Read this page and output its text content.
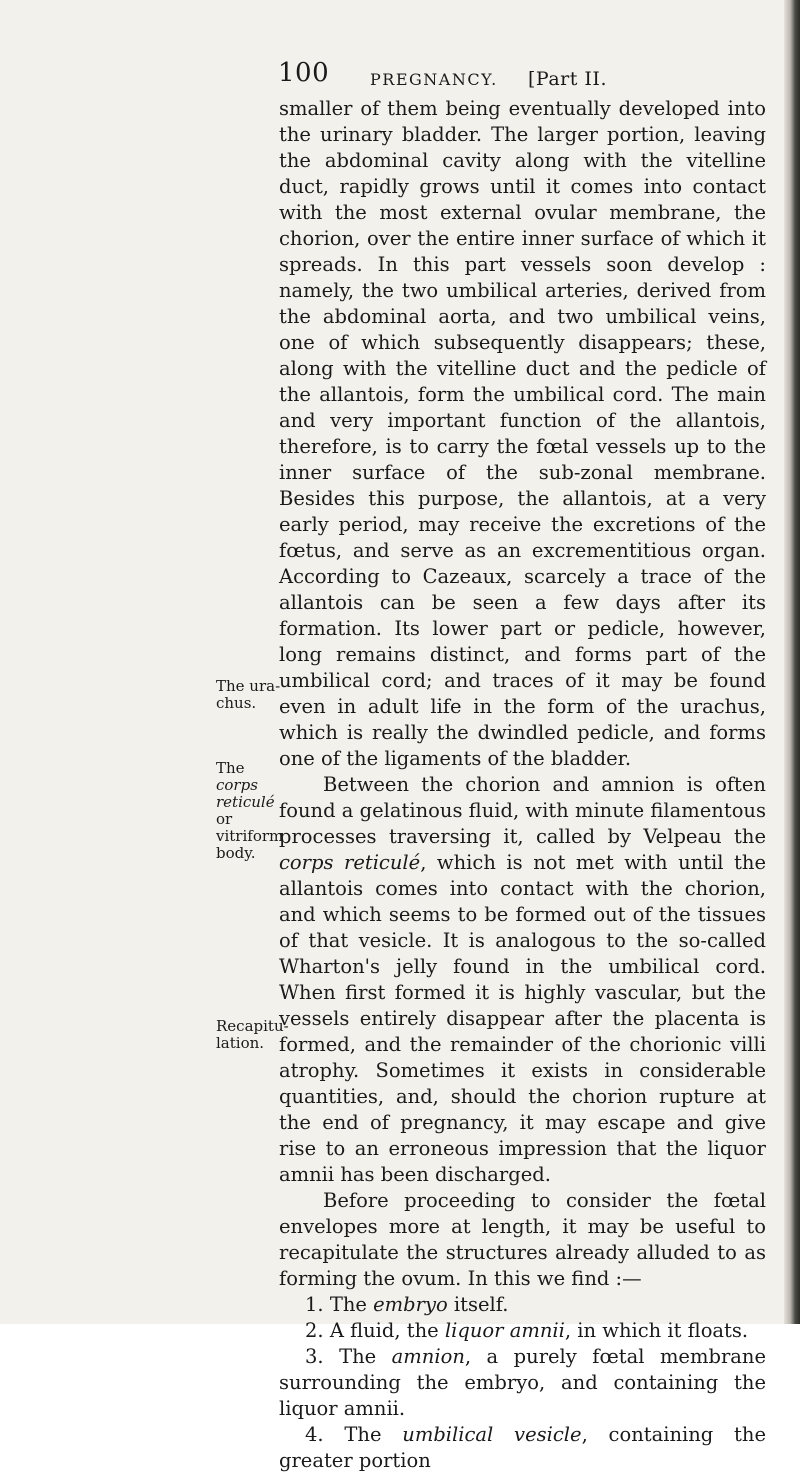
100	PREGNANCY. [Part II.
The ura-chus.
The corps reticulé or vitriform body.
Recapitu-lation.

smaller of them being eventually developed into the urinary bladder. The larger portion, leaving the abdominal cavity along with the vitelline duct, rapidly grows until it comes into contact with the most external ovular membrane, the chorion, over the entire inner surface of which it spreads. In this part vessels soon develop : namely, the two umbilical arteries, derived from the abdominal aorta, and two umbilical veins, one of which subsequently disappears; these, along with the vitelline duct and the pedicle of the allantois, form the umbilical cord. The main and very important function of the allantois, therefore, is to carry the fœtal vessels up to the inner surface of the sub-zonal membrane. Besides this purpose, the allantois, at a very early period, may receive the excretions of the fœtus, and serve as an excrementitious organ. According to Cazeaux, scarcely a trace of the allantois can be seen a few days after its formation. Its lower part or pedicle, however, long remains distinct, and forms part of the umbilical cord; and traces of it may be found even in adult life in the form of the urachus, which is really the dwindled pedicle, and forms one of the ligaments of the bladder.

Between the chorion and amnion is often found a gelatinous fluid, with minute filamentous processes traversing it, called by Velpeau the corps reticulé, which is not met with until the allantois comes into contact with the chorion, and which seems to be formed out of the tissues of that vesicle. It is analogous to the so-called Wharton's jelly found in the umbilical cord. When first formed it is highly vascular, but the vessels entirely disappear after the placenta is formed, and the remainder of the chorionic villi atrophy. Sometimes it exists in considerable quantities, and, should the chorion rupture at the end of pregnancy, it may escape and give rise to an erroneous impression that the liquor amnii has been discharged.

Before proceeding to consider the fœtal envelopes more at length, it may be useful to recapitulate the structures already alluded to as forming the ovum. In this we find :—

1. The embryo itself.

2. A fluid, the liquor amnii, in which it floats.

3. The amnion, a purely fœtal membrane surrounding the embryo, and containing the liquor amnii.

4. The umbilical vesicle, containing the greater portion
